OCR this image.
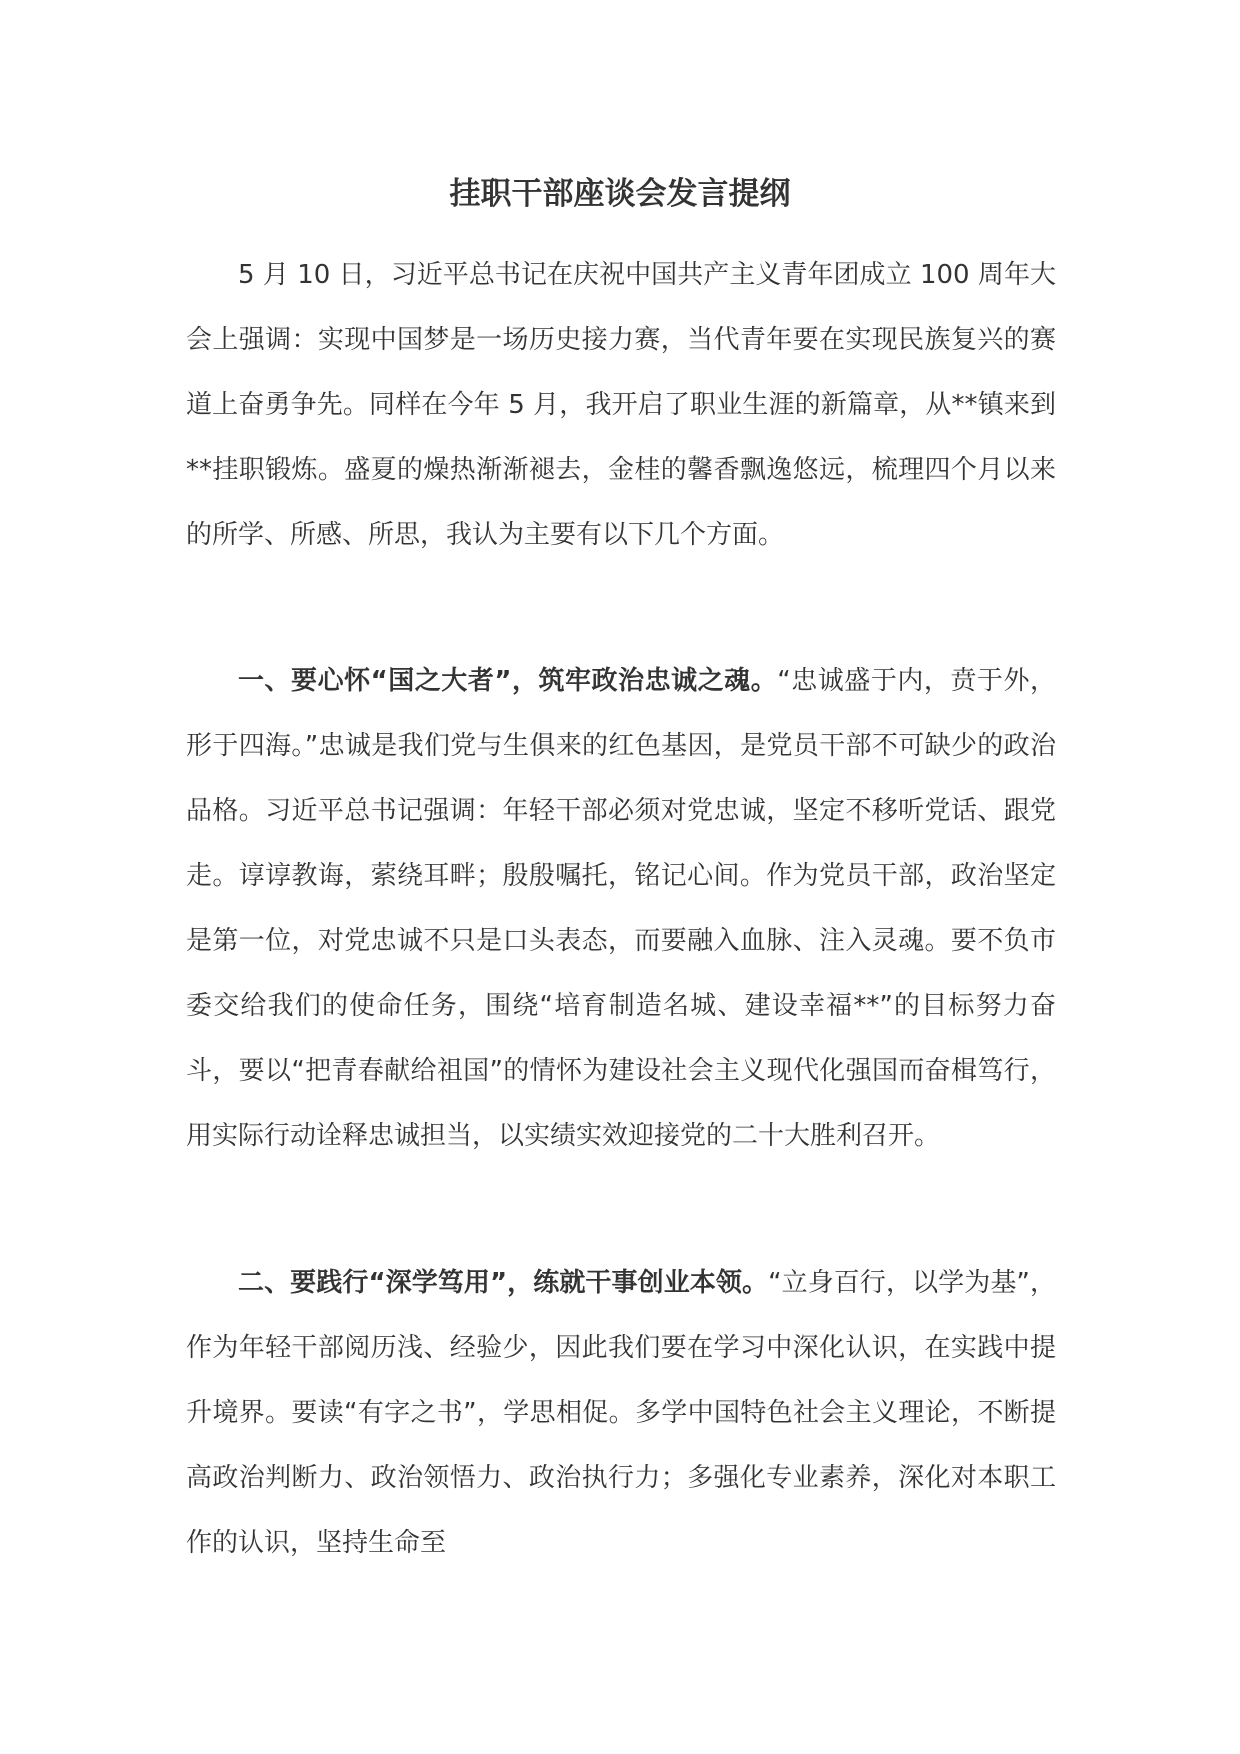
挂职干部座谈会发言提纲

5 月 10 日，习近平总书记在庆祝中国共产主义青年团成立 100 周年大会上强调：实现中国梦是一场历史接力赛，当代青年要在实现民族复兴的赛道上奋勇争先。同样在今年 5 月，我开启了职业生涯的新篇章，从**镇来到**挂职锻炼。盛夏的燥热渐渐褪去，金桂的馨香飘逸悠远，梳理四个月以来的所学、所感、所思，我认为主要有以下几个方面。

一、要心怀“国之大者”，筑牢政治忠诚之魂。“忠诚盛于内，贲于外，形于四海。”忠诚是我们党与生俱来的红色基因，是党员干部不可缺少的政治品格。习近平总书记强调：年轻干部必须对党忠诚，坚定不移听党话、跟党走。谆谆教诲，萦绕耳畔；殷殷嘱托，铭记心间。作为党员干部，政治坚定是第一位，对党忠诚不只是口头表态，而要融入血脉、注入灵魂。要不负市委交给我们的使命任务，围绕“培育制造名城、建设幸福**”的目标努力奋斗，要以“把青春献给祖国”的情怀为建设社会主义现代化强国而奋楫笃行，用实际行动诠释忠诚担当，以实绩实效迎接党的二十大胜利召开。

二、要践行“深学笃用”，练就干事创业本领。“立身百行，以学为基”，作为年轻干部阅历浅、经验少，因此我们要在学习中深化认识，在实践中提升境界。要读“有字之书”，学思相促。多学中国特色社会主义理论，不断提高政治判断力、政治领悟力、政治执行力；多强化专业素养，深化对本职工作的认识，坚持生命至
